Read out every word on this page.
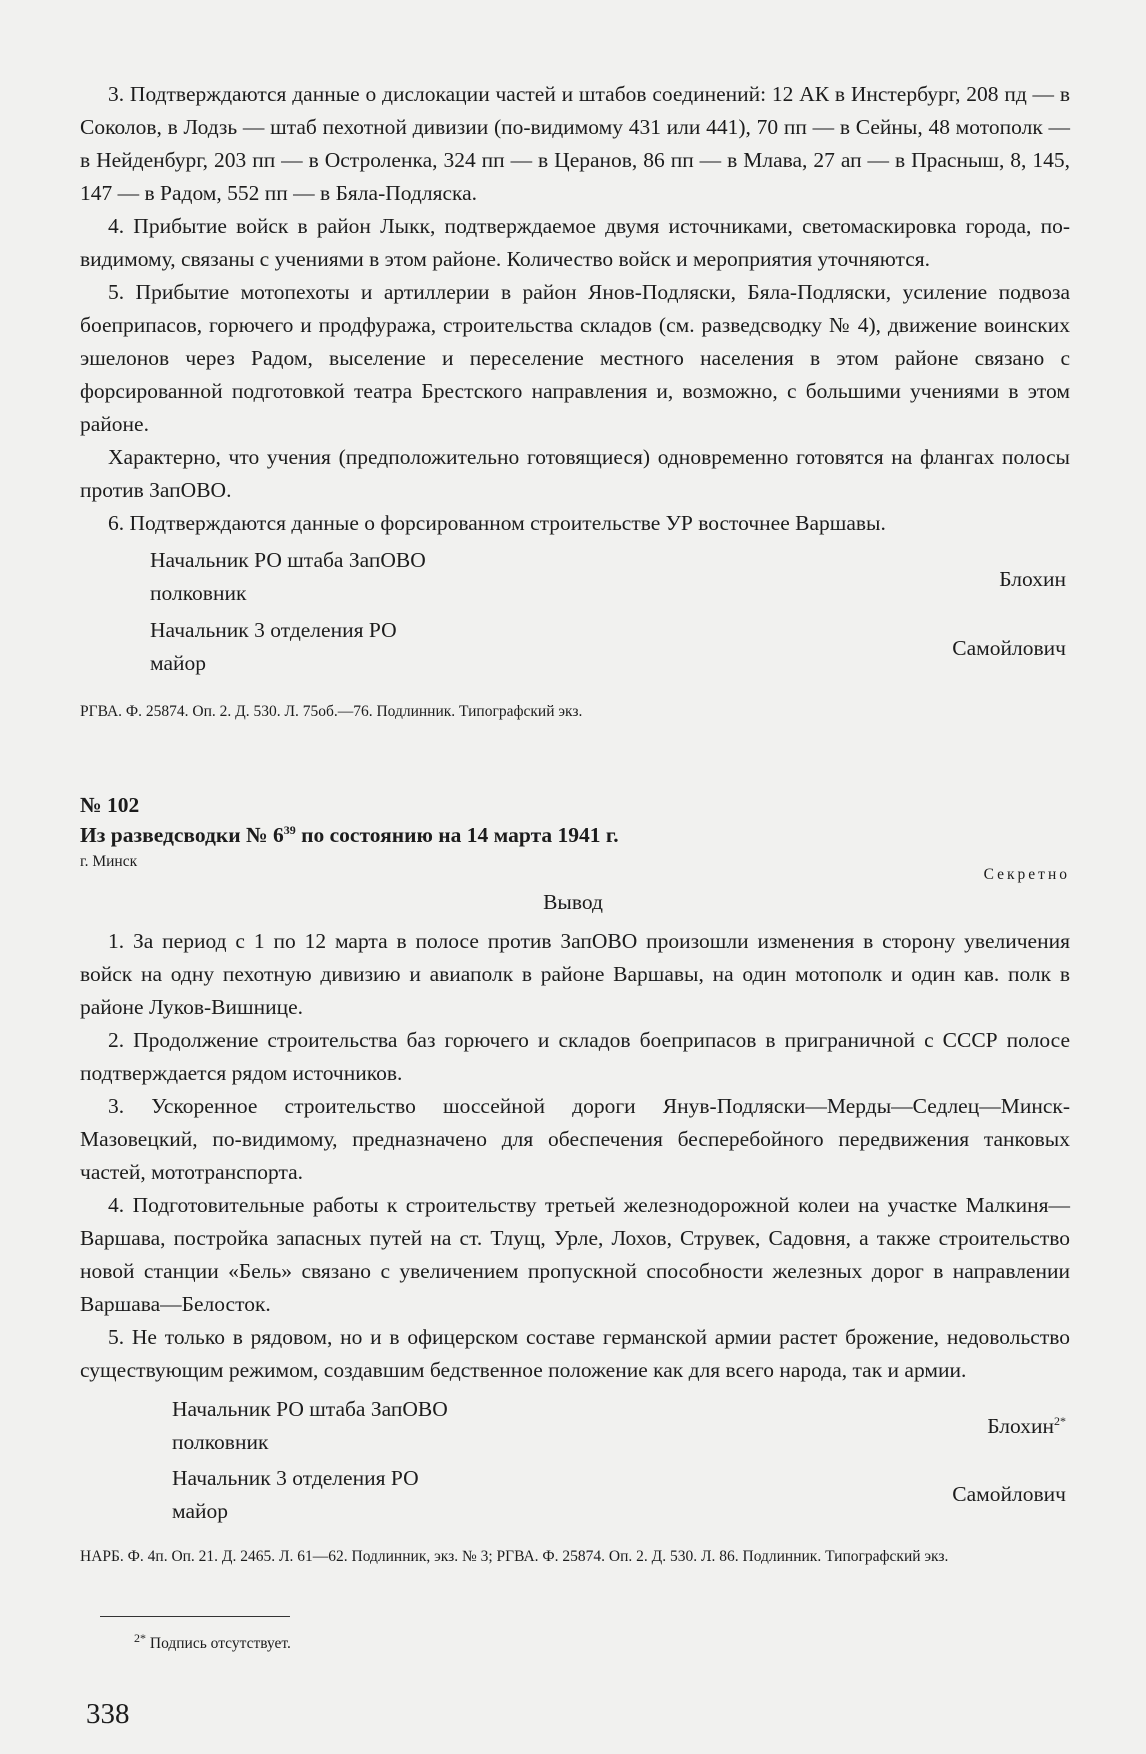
3. Подтверждаются данные о дислокации частей и штабов соединений: 12 АК в Инстербург, 208 пд — в Соколов, в Лодзь — штаб пехотной дивизии (по-видимому 431 или 441), 70 пп — в Сейны, 48 мотополк — в Нейденбург, 203 пп — в Остроленка, 324 пп — в Церанов, 86 пп — в Млава, 27 ап — в Прасныш, 8, 145, 147 — в Радом, 552 пп — в Бяла-Подляска.

4. Прибытие войск в район Лыкк, подтверждаемое двумя источниками, светомаскировка города, по-видимому, связаны с учениями в этом районе. Количество войск и мероприятия уточняются.

5. Прибытие мотопехоты и артиллерии в район Янов-Подляски, Бяла-Подляски, усиление подвоза боеприпасов, горючего и продфуража, строительства складов (см. разведсводку № 4), движение воинских эшелонов через Радом, выселение и переселение местного населения в этом районе связано с форсированной подготовкой театра Брестского направления и, возможно, с большими учениями в этом районе.

Характерно, что учения (предположительно готовящиеся) одновременно готовятся на флангах полосы против ЗапОВО.

6. Подтверждаются данные о форсированном строительстве УР восточнее Варшавы.

Начальник РО штаба ЗапОВО
полковник
Блохин
Начальник 3 отделения РО
майор
Самойлович
РГВА. Ф. 25874. Оп. 2. Д. 530. Л. 75об.—76. Подлинник. Типографский экз.
№ 102
Из разведсводки № $6^{39}$ по состоянию на 14 марта 1941 г.
г. Минск
Секретно
Вывод

1. За период с 1 по 12 марта в полосе против ЗапОВО произошли изменения в сторону увеличения войск на одну пехотную дивизию и авиаполк в районе Варшавы, на один мотополк и один кав. полк в районе Луков-Вишнице.

2. Продолжение строительства баз горючего и складов боеприпасов в приграничной с СССР полосе подтверждается рядом источников.

3. Ускоренное строительство шоссейной дороги Янув-Подляски—Мерды—Седлец—Минск-Мазовецкий, по-видимому, предназначено для обеспечения бесперебойного передвижения танковых частей, мототранспорта.

4. Подготовительные работы к строительству третьей железнодорожной колеи на участке Малкиня—Варшава, постройка запасных путей на ст. Тлущ, Урле, Лохов, Струвек, Садовня, а также строительство новой станции «Бель» связано с увеличением пропускной способности железных дорог в направлении Варшава—Белосток.

5. Не только в рядовом, но и в офицерском составе германской армии растет брожение, недовольство существующим режимом, создавшим бедственное положение как для всего народа, так и армии.

Начальник РО штаба ЗапОВО
полковник
Блохин$^{2*}$
Начальник 3 отделения РО
майор
Самойлович
НАРБ. Ф. 4п. Оп. 21. Д. 2465. Л. 61—62. Подлинник, экз. № 3; РГВА. Ф. 25874. Оп. 2. Д. 530. Л. 86. Подлинник. Типографский экз.
$^{2*}$ Подпись отсутствует.
338
